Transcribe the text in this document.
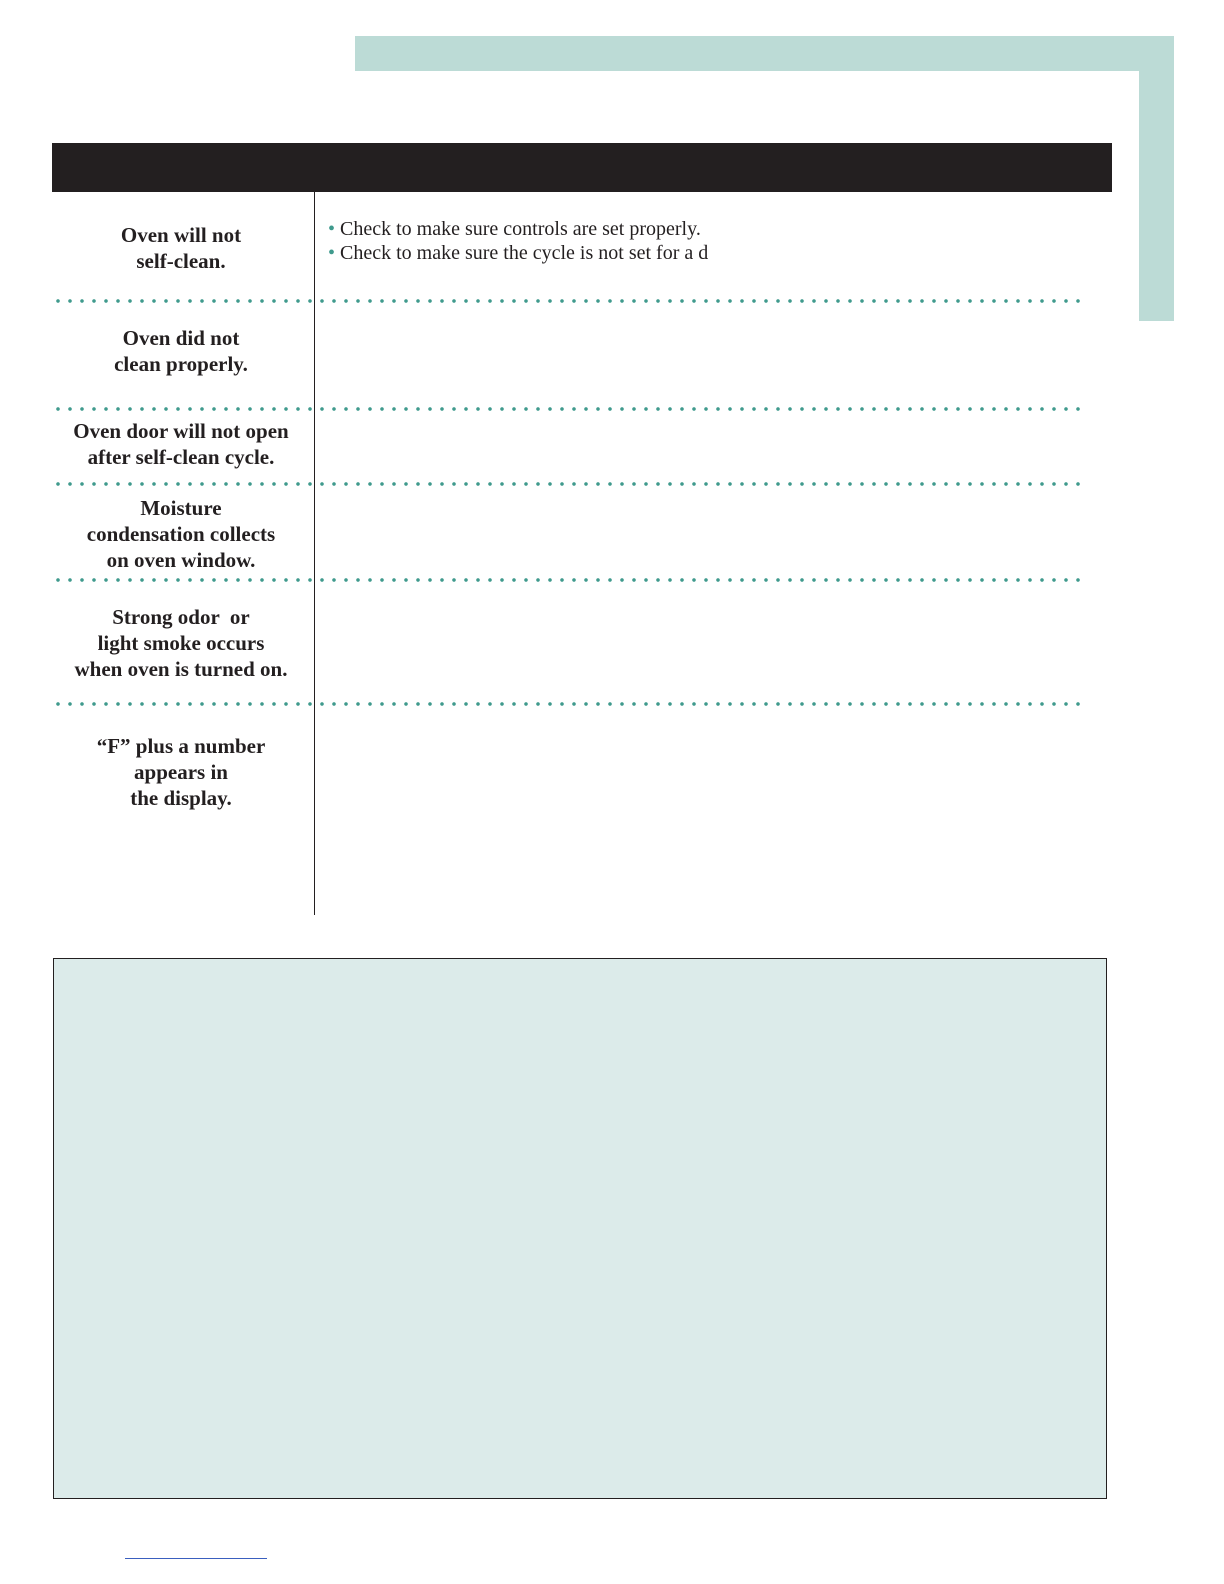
Oven will not
self-clean.
• Check to make sure controls are set properly.
• Check to make sure the cycle is not set for a d
Oven did not
clean properly.
Oven door will not open
after self-clean cycle.
Moisture
condensation collects
on oven window.
Strong odor  or
light smoke occurs
when oven is turned on.
“F” plus a number
appears in
the display.
